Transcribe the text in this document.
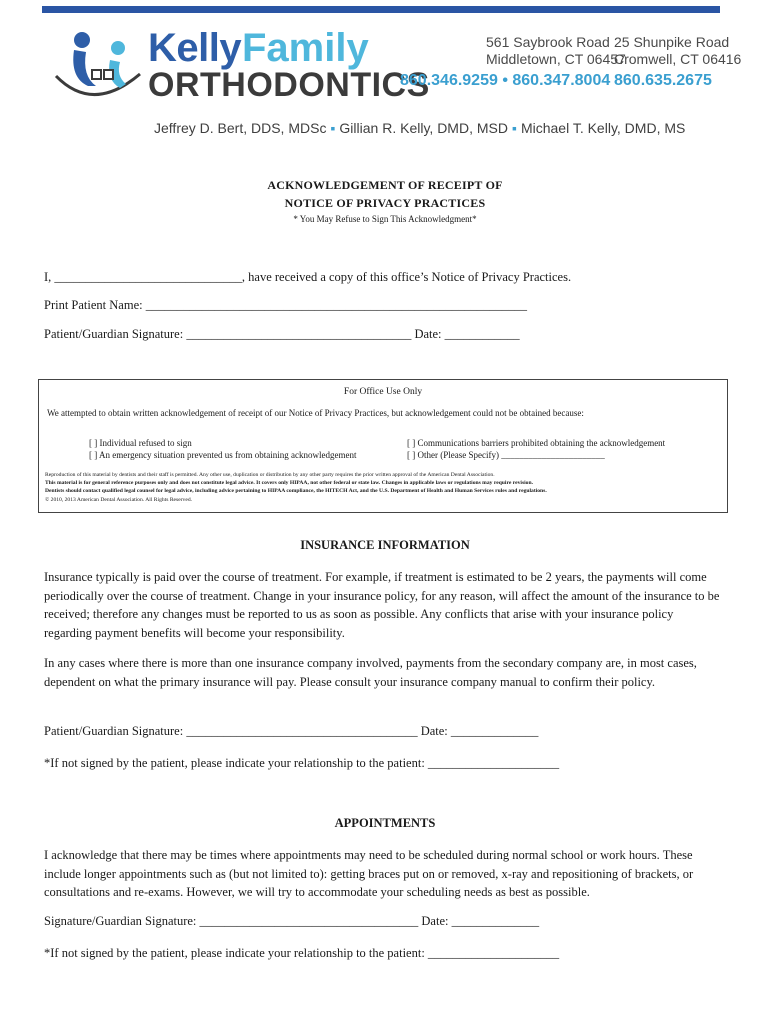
Kelly Family
ORTHODONTICS
561 Saybrook Road
Middletown, CT 06457
25 Shunpike Road
Cromwell, CT 06416
860.346.9259 • 860.347.8004 860.635.2675
Jeffrey D. Bert, DDS, MDSc ▪ Gillian R. Kelly, DMD, MSD ▪ Michael T. Kelly, DMD, MS
ACKNOWLEDGEMENT OF RECEIPT OF
NOTICE OF PRIVACY PRACTICES
* You May Refuse to Sign This Acknowledgment*
I, ______________________________, have received a copy of this office’s Notice of Privacy Practices.
Print Patient Name: _____________________________________________________________
Patient/Guardian Signature: ____________________________________ Date: ____________
For Office Use Only
We attempted to obtain written acknowledgement of receipt of our Notice of Privacy Practices, but acknowledgement could not be obtained because:
[ ] Individual refused to sign
[ ] An emergency situation prevented us from obtaining acknowledgement
[ ] Communications barriers prohibited obtaining the acknowledgement
[ ] Other (Please Specify) _______________________
Reproduction of this material by dentists and their staff is permitted. Any other use, duplication or distribution by any other party requires the prior written approval of the American Dental Association.
This material is for general reference purposes only and does not constitute legal advice. It covers only HIPAA, not other federal or state law. Changes in applicable laws or regulations may require revision.
Dentists should contact qualified legal counsel for legal advice, including advice pertaining to HIPAA compliance, the HITECH Act, and the U.S. Department of Health and Human Services rules and regulations.
© 2010, 2013 American Dental Association. All Rights Reserved.
INSURANCE INFORMATION
Insurance typically is paid over the course of treatment. For example, if treatment is estimated to be 2 years, the payments will come periodically over the course of treatment. Change in your insurance policy, for any reason, will affect the amount of the insurance to be received; therefore any changes must be reported to us as soon as possible. Any conflicts that arise with your insurance policy regarding payment benefits will become your responsibility.
In any cases where there is more than one insurance company involved, payments from the secondary company are, in most cases, dependent on what the primary insurance will pay. Please consult your insurance company manual to confirm their policy.
Patient/Guardian Signature: _____________________________________ Date: ______________
*If not signed by the patient, please indicate your relationship to the patient: _____________________
APPOINTMENTS
I acknowledge that there may be times where appointments may need to be scheduled during normal school or work hours. These include longer appointments such as (but not limited to): getting braces put on or removed, x-ray and repositioning of brackets, or consultations and re-exams. However, we will try to accommodate your scheduling needs as best as possible.
Signature/Guardian Signature: ___________________________________ Date: ______________
*If not signed by the patient, please indicate your relationship to the patient: _____________________
